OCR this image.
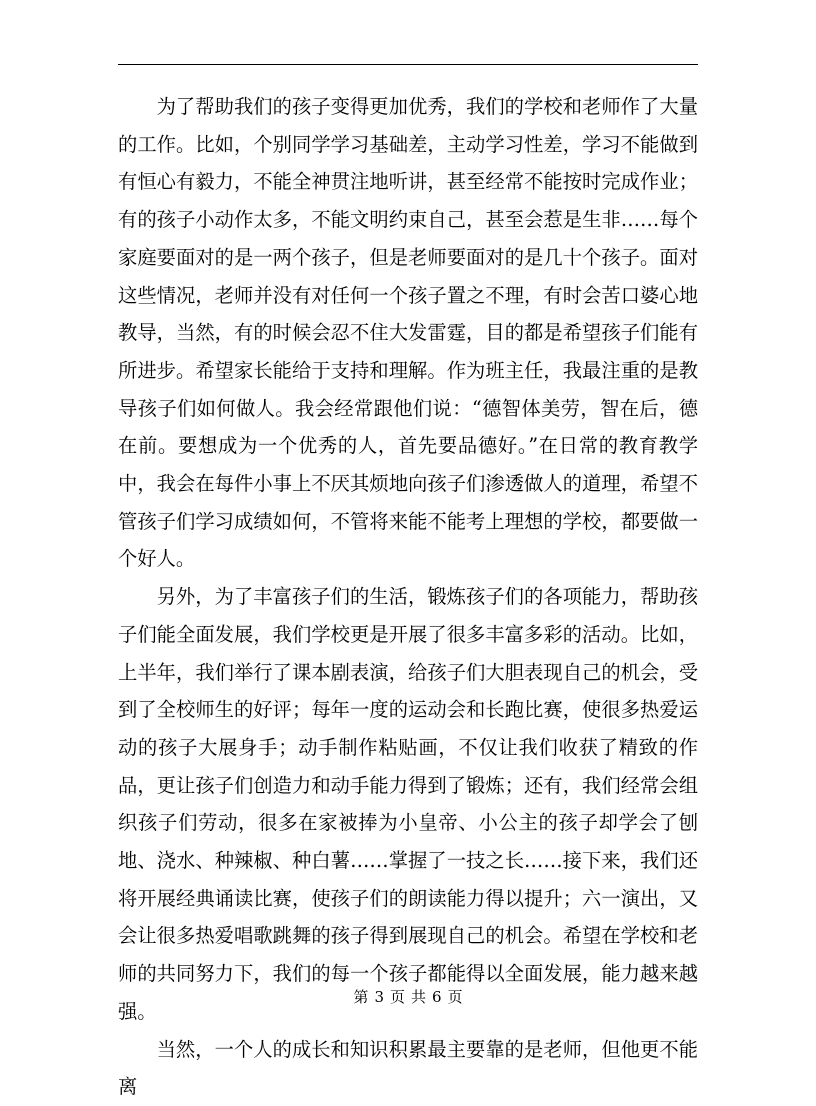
为了帮助我们的孩子变得更加优秀，我们的学校和老师作了大量的工作。比如，个别同学学习基础差，主动学习性差，学习不能做到有恒心有毅力，不能全神贯注地听讲，甚至经常不能按时完成作业；有的孩子小动作太多，不能文明约束自己，甚至会惹是生非……每个家庭要面对的是一两个孩子，但是老师要面对的是几十个孩子。面对这些情况，老师并没有对任何一个孩子置之不理，有时会苦口婆心地教导，当然，有的时候会忍不住大发雷霆，目的都是希望孩子们能有所进步。希望家长能给于支持和理解。作为班主任，我最注重的是教导孩子们如何做人。我会经常跟他们说：“德智体美劳，智在后，德在前。要想成为一个优秀的人，首先要品德好。”在日常的教育教学中，我会在每件小事上不厌其烦地向孩子们渗透做人的道理，希望不管孩子们学习成绩如何，不管将来能不能考上理想的学校，都要做一个好人。

另外，为了丰富孩子们的生活，锻炼孩子们的各项能力，帮助孩子们能全面发展，我们学校更是开展了很多丰富多彩的活动。比如，上半年，我们举行了课本剧表演，给孩子们大胆表现自己的机会，受到了全校师生的好评；每年一度的运动会和长跑比赛，使很多热爱运动的孩子大展身手；动手制作粘贴画，不仅让我们收获了精致的作品，更让孩子们创造力和动手能力得到了锻炼；还有，我们经常会组织孩子们劳动，很多在家被捧为小皇帝、小公主的孩子却学会了刨地、浇水、种辣椒、种白薯……掌握了一技之长……接下来，我们还将开展经典诵读比赛，使孩子们的朗读能力得以提升；六一演出，又会让很多热爱唱歌跳舞的孩子得到展现自己的机会。希望在学校和老师的共同努力下，我们的每一个孩子都能得以全面发展，能力越来越强。

当然，一个人的成长和知识积累最主要靠的是老师，但他更不能离

第 3 页 共 6 页
